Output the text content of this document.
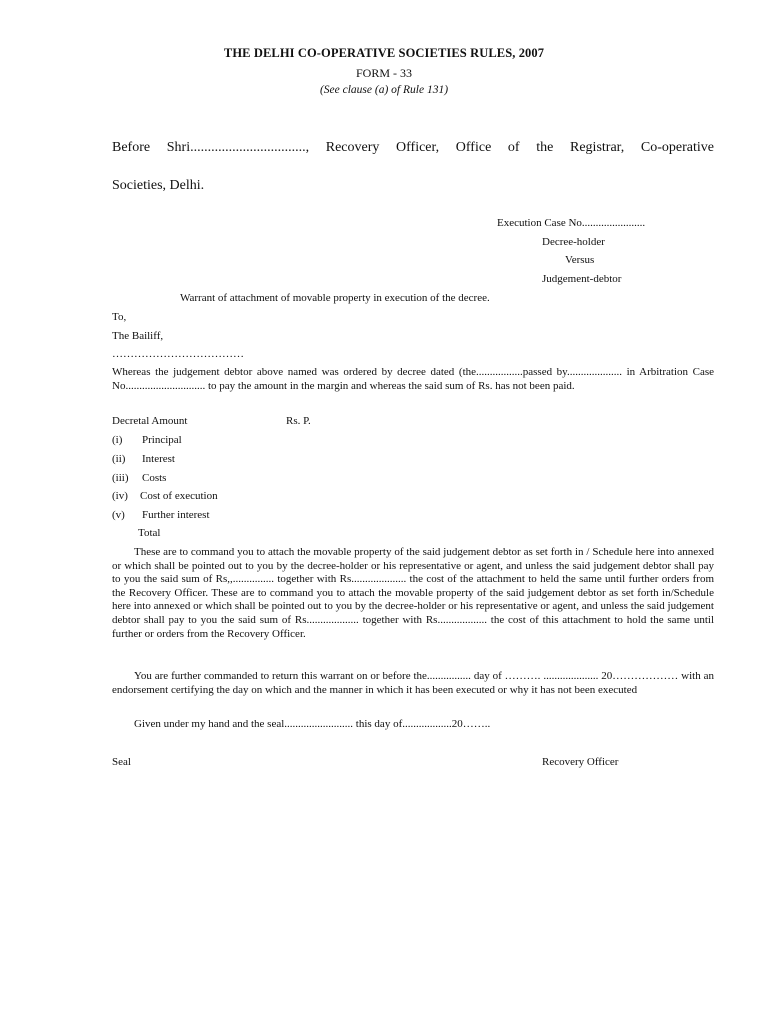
THE DELHI CO-OPERATIVE SOCIETIES RULES, 2007
FORM - 33
(See clause (a) of Rule 131)
Before Shri................................., Recovery Officer, Office of the Registrar, Co-operative
Societies, Delhi.
Execution Case No.......................
Decree-holder
Versus
Judgement-debtor
Warrant of attachment of movable property in execution of the decree.
To,
The Bailiff,
………………………………
Whereas the judgement debtor above named was ordered by decree dated (the.................passed by.................... in Arbitration Case No............................. to pay the amount in the margin and whereas the said sum of Rs. has not been paid.
Decretal Amount	Rs. P.
(i) Principal
(ii) Interest
(iii) Costs
(iv) Cost of execution
(v) Further interest
Total
These are to command you to attach the movable property of the said judgement debtor as set forth in / Schedule here into annexed or which shall be pointed out to you by the decree-holder or his representative or agent, and unless the said judgement debtor shall pay to you the said sum of Rs,,............... together with Rs.................... the cost of the attachment to held the same until further orders from the Recovery Officer. These are to command you to attach the movable property of the said judgement debtor as set forth in/Schedule here into annexed or which shall be pointed out to you by the decree-holder or his representative or agent, and unless the said judgement debtor shall pay to you the said sum of Rs................... together with Rs.................. the cost of this attachment to hold the same until further or orders from the Recovery Officer.
You are further commanded to return this warrant on or before the................ day of ………. .................... 20……………… with an endorsement certifying the day on which and the manner in which it has been executed or why it has not been executed
Given under my hand and the seal......................... this day of..................20……..
Seal	Recovery Officer
